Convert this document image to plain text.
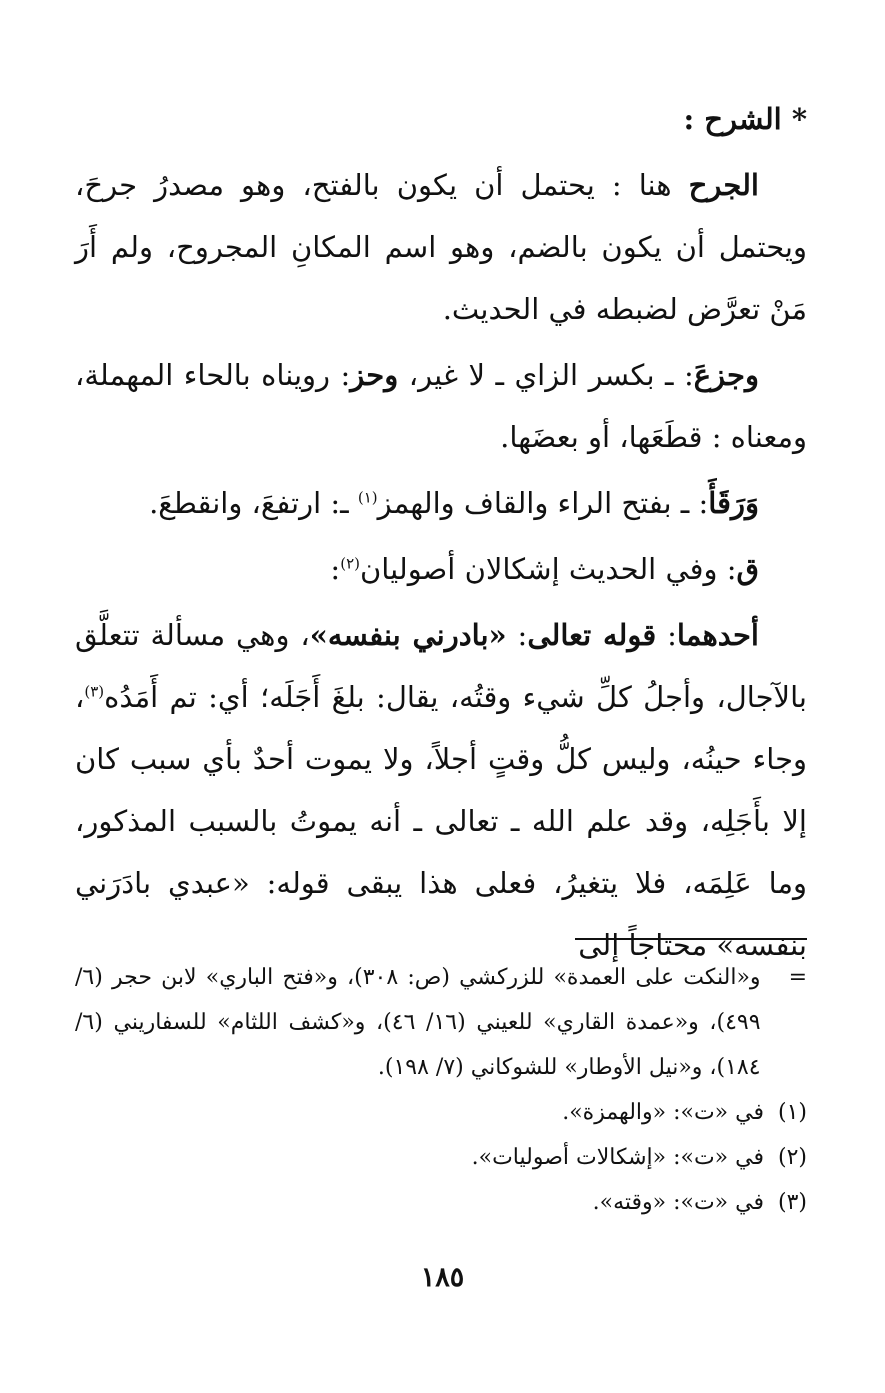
* الشرح :

الجرح هنا : يحتمل أن يكون بالفتح، وهو مصدرُ جرحَ، ويحتمل أن يكون بالضم، وهو اسم المكانِ المجروح، ولم أَرَ مَنْ تعرَّض لضبطه في الحديث.

وجزعَ: ـ بكسر الزاي ـ لا غير، وحز: رويناه بالحاء المهملة، ومعناه : قطَعَها، أو بعضَها.

وَرَقَأَ: ـ بفتح الراء والقاف والهمز$^{(١)}$ ـ: ارتفعَ، وانقطعَ.

ق: وفي الحديث إشكالان أصوليان$^{(٢)}$:

أحدهما: قوله تعالى: «بادرني بنفسه»، وهي مسألة تتعلَّق بالآجال، وأجلُ كلِّ شيء وقتُه، يقال: بلغَ أَجَلَه؛ أي: تم أَمَدُه$^{(٣)}$، وجاء حينُه، وليس كلُّ وقتٍ أجلاً، ولا يموت أحدٌ بأي سبب كان إلا بأَجَلِه، وقد علم الله ـ تعالى ـ أنه يموتُ بالسبب المذكور، وما عَلِمَه، فلا يتغيرُ، فعلى هذا يبقى قوله: «عبدي بادَرَني بنفسه» محتاجاً إلى

=
و«النكت على العمدة» للزركشي (ص: ٣٠٨)، و«فتح الباري» لابن حجر (٦/ ٤٩٩)، و«عمدة القاري» للعيني (١٦/ ٤٦)، و«كشف اللثام» للسفاريني (٦/ ١٨٤)، و«نيل الأوطار» للشوكاني (٧/ ١٩٨).
(١)
في «ت»: «والهمزة».
(٢)
في «ت»: «إشكالات أصوليات».
(٣)
في «ت»: «وقته».
١٨٥
